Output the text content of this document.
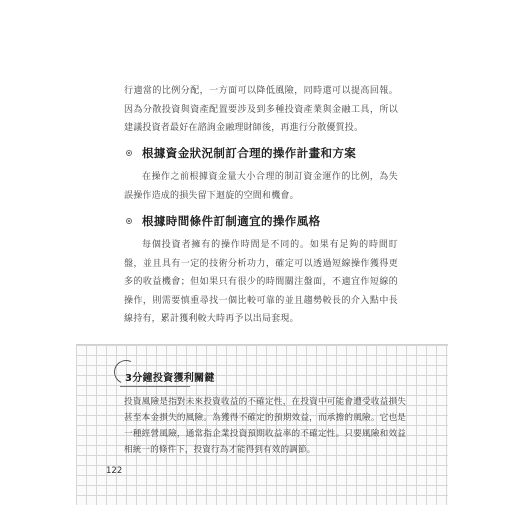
行適當的比例分配，一方面可以降低風險，同時還可以提高回報。因為分散投資與資產配置要涉及到多種投資產業與金融工具，所以建議投資者最好在諮詢金融理財師後，再進行分散優質投。

根據資金狀況制訂合理的操作計畫和方案

在操作之前根據資金量大小合理的制訂資金運作的比例，為失誤操作造成的損失留下迴旋的空間和機會。

根據時間條件訂制適宜的操作風格

每個投資者擁有的操作時間是不同的。如果有足夠的時間盯盤，並且具有一定的技術分析功力，確定可以透過短線操作獲得更多的收益機會；但如果只有很少的時間關注盤面，不適宜作短線的操作，則需要慎重尋找一個比較可靠的並且趨勢較長的介入點中長線持有，累計獲利較大時再予以出局套現。

3分鐘投資獲利關鍵

投資風險是指對未來投資收益的不確定性，在投資中可能會遭受收益損失甚至本金損失的風險。為獲得不確定的預期效益，而承擔的風險。它也是一種經營風險，通常指企業投資預期收益率的不確定性。只要風險和效益相統一的條件下，投資行為才能得到有效的調節。

122
